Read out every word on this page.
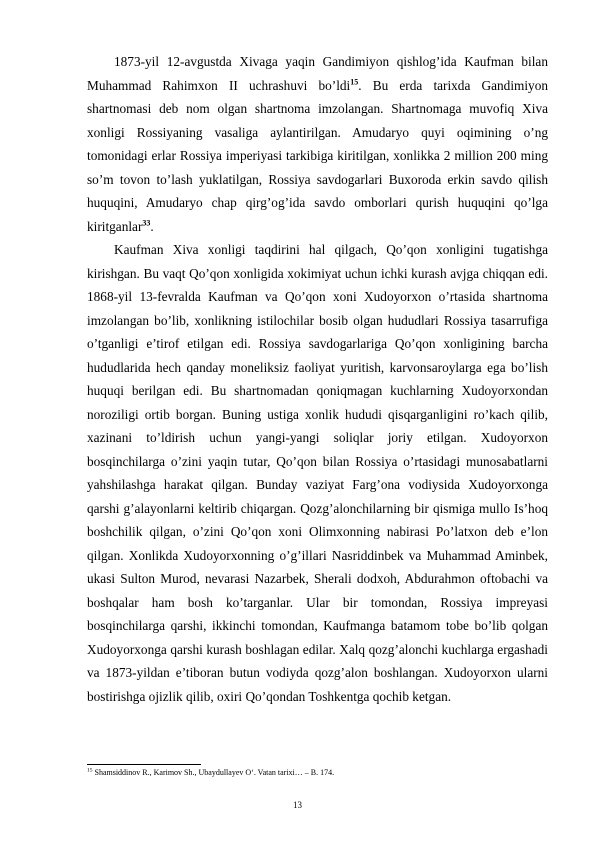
1873-yil 12-avgustda Xivaga yaqin Gandimiyon qishlog’ida Kaufman bilan Muhammad Rahimxon II uchrashuvi bo’ldi$^{15}$. Bu erda tarixda Gandimiyon shartnomasi deb nom olgan shartnoma imzolangan. Shartnomaga muvofiq Xiva xonligi Rossiyaning vasaliga aylantirilgan. Amudaryo quyi oqimining o’ng tomonidagi erlar Rossiya imperiyasi tarkibiga kiritilgan, xonlikka 2 million 200 ming so’m tovon to’lash yuklatilgan, Rossiya savdogarlari Buxoroda erkin savdo qilish huquqini, Amudaryo chap qirg’og’ida savdo omborlari qurish huquqini qo’lga kiritganlar$^{33}$.

Kaufman Xiva xonligi taqdirini hal qilgach, Qo’qon xonligini tugatishga kirishgan. Bu vaqt Qo’qon xonligida xokimiyat uchun ichki kurash avjga chiqqan edi. 1868-yil 13-fevralda Kaufman va Qo’qon xoni Xudoyorxon o’rtasida shartnoma imzolangan bo’lib, xonlikning istilochilar bosib olgan hududlari Rossiya tasarrufiga o’tganligi e’tirof etilgan edi. Rossiya savdogarlariga Qo’qon xonligining barcha hududlarida hech qanday moneliksiz faoliyat yuritish, karvonsaroylarga ega bo’lish huquqi berilgan edi. Bu shartnomadan qoniqmagan kuchlarning Xudoyorxondan noroziligi ortib borgan. Buning ustiga xonlik hududi qisqarganligini ro’kach qilib, xazinani to’ldirish uchun yangi-yangi soliqlar joriy etilgan. Xudoyorxon bosqinchilarga o’zini yaqin tutar, Qo’qon bilan Rossiya o’rtasidagi munosabatlarni yahshilashga harakat qilgan. Bunday vaziyat Farg’ona vodiysida Xudoyorxonga qarshi g’alayonlarni keltirib chiqargan. Qozg’alonchilarning bir qismiga mullo Is’hoq boshchilik qilgan, o’zini Qo’qon xoni Olimxonning nabirasi Po’latxon deb e’lon qilgan. Xonlikda Xudoyorxonning o’g’illari Nasriddinbek va Muhammad Aminbek, ukasi Sulton Murod, nevarasi Nazarbek, Sherali dodxoh, Abdurahmon oftobachi va boshqalar ham bosh ko’targanlar. Ular bir tomondan, Rossiya impreyasi bosqinchilarga qarshi, ikkinchi tomondan, Kaufmanga batamom tobe bo’lib qolgan Xudoyorxonga qarshi kurash boshlagan edilar. Xalq qozg’alonchi kuchlarga ergashadi va 1873-yildan e’tiboran butun vodiyda qozg’alon boshlangan. Xudoyorxon ularni bostirishga ojizlik qilib, oxiri Qo’qondan Toshkentga qochib ketgan.

$^{15}$ Shamsiddinov R., Karimov Sh., Ubaydullayev O‘. Vatan tarixi… – B. 174.
13
